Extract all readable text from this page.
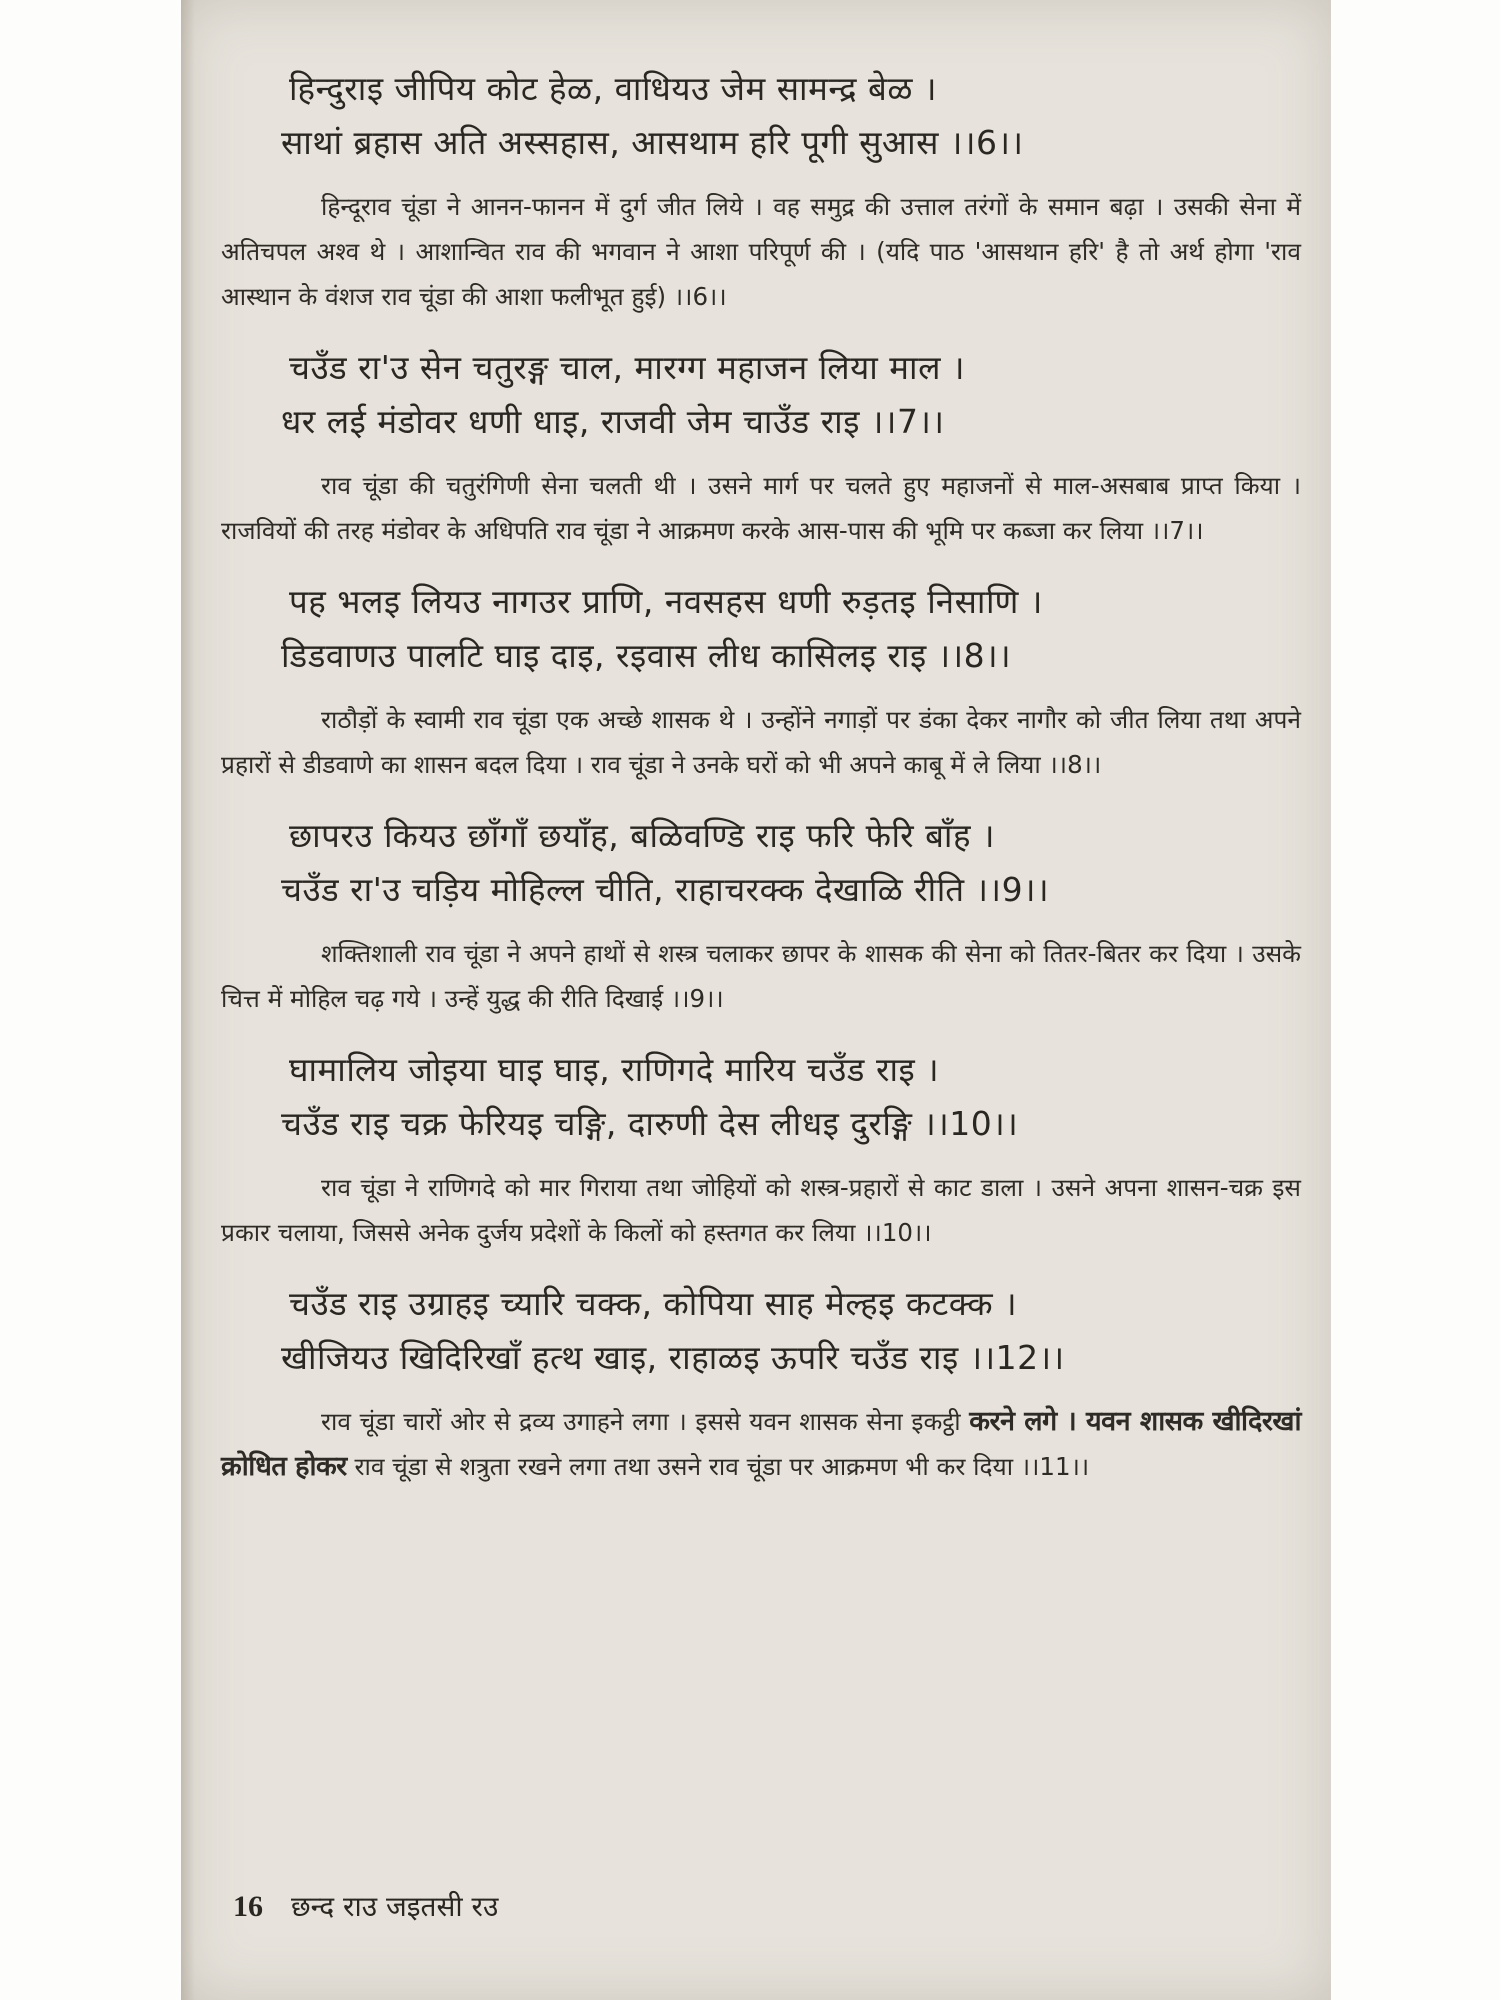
हिन्दुराइ जीपिय कोट हेळ, वाधियउ जेम सामन्द्र बेळ ।
साथां ब्रहास अति अस्सहास, आसथाम हरि पूगी सुआस ।।6।।

हिन्दूराव चूंडा ने आनन-फानन में दुर्ग जीत लिये । वह समुद्र की उत्ताल तरंगों के समान बढ़ा । उसकी सेना में अतिचपल अश्व थे । आशान्वित राव की भगवान ने आशा परिपूर्ण की । (यदि पाठ 'आसथान हरि' है तो अर्थ होगा 'राव आस्थान के वंशज राव चूंडा की आशा फलीभूत हुई) ।।6।।

चउँड रा'उ सेन चतुरङ्ग चाल, मारग्ग महाजन लिया माल ।
धर लई मंडोवर धणी धाइ, राजवी जेम चाउँड राइ ।।7।।

राव चूंडा की चतुरंगिणी सेना चलती थी । उसने मार्ग पर चलते हुए महाजनों से माल-असबाब प्राप्त किया । राजवियों की तरह मंडोवर के अधिपति राव चूंडा ने आक्रमण करके आस-पास की भूमि पर कब्जा कर लिया ।।7।।

पह भलइ लियउ नागउर प्राणि, नवसहस धणी रुड़तइ निसाणि ।
डिडवाणउ पालटि घाइ दाइ, रइवास लीध कासिलइ राइ ।।8।।

राठौड़ों के स्वामी राव चूंडा एक अच्छे शासक थे । उन्होंने नगाड़ों पर डंका देकर नागौर को जीत लिया तथा अपने प्रहारों से डीडवाणे का शासन बदल दिया । राव चूंडा ने उनके घरों को भी अपने काबू में ले लिया ।।8।।

छापरउ कियउ छाँगाँ छयाँह, बळिवण्डि राइ फरि फेरि बाँह ।
चउँड रा'उ चड़िय मोहिल्ल चीति, राहाचरक्क देखाळि रीति ।।9।।

शक्तिशाली राव चूंडा ने अपने हाथों से शस्त्र चलाकर छापर के शासक की सेना को तितर-बितर कर दिया । उसके चित्त में मोहिल चढ़ गये । उन्हें युद्ध की रीति दिखाई ।।9।।

घामालिय जोइया घाइ घाइ, राणिगदे मारिय चउँड राइ ।
चउँड राइ चक्र फेरियइ चङ्गि, दारुणी देस लीधइ दुरङ्गि ।।10।।

राव चूंडा ने राणिगदे को मार गिराया तथा जोहियों को शस्त्र-प्रहारों से काट डाला । उसने अपना शासन-चक्र इस प्रकार चलाया, जिससे अनेक दुर्जय प्रदेशों के किलों को हस्तगत कर लिया ।।10।।

चउँड राइ उग्राहइ च्यारि चक्क, कोपिया साह मेल्हइ कटक्क ।
खीजियउ खिदिरिखाँ हत्थ खाइ, राहाळइ ऊपरि चउँड राइ ।।12।।

राव चूंडा चारों ओर से द्रव्य उगाहने लगा । इससे यवन शासक सेना इकट्ठी करने लगे । यवन शासक खीदिरखां क्रोधित होकर राव चूंडा से शत्रुता रखने लगा तथा उसने राव चूंडा पर आक्रमण भी कर दिया ।।11।।

16 छन्द राउ जइतसी रउ
